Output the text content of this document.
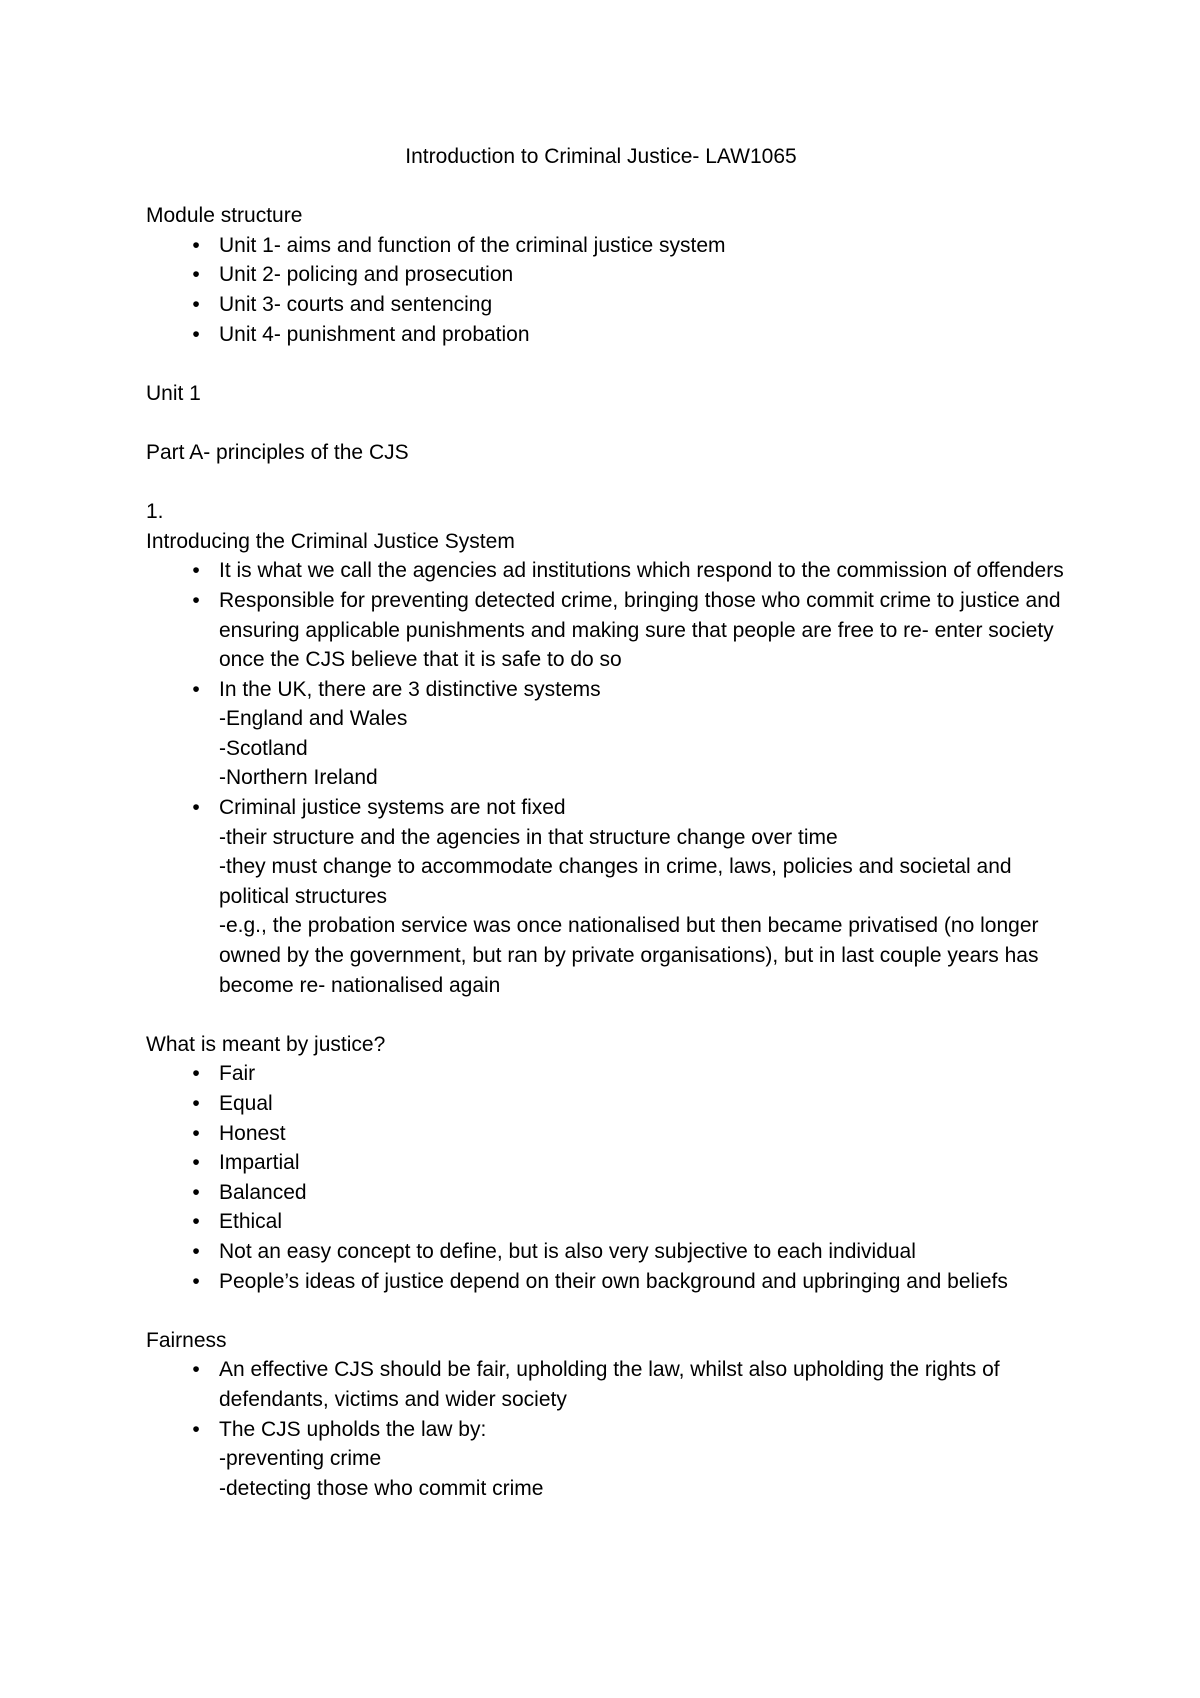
Introduction to Criminal Justice- LAW1065

Module structure

• Unit 1- aims and function of the criminal justice system
• Unit 2- policing and prosecution
• Unit 3- courts and sentencing
• Unit 4- punishment and probation

Unit 1

Part A- principles of the CJS

1.

Introducing the Criminal Justice System

• It is what we call the agencies ad institutions which respond to the commission of offenders
• Responsible for preventing detected crime, bringing those who commit crime to justice and ensuring applicable punishments and making sure that people are free to re- enter society once the CJS believe that it is safe to do so
• In the UK, there are 3 distinctive systems
-England and Wales
-Scotland
-Northern Ireland
• Criminal justice systems are not fixed
-their structure and the agencies in that structure change over time
-they must change to accommodate changes in crime, laws, policies and societal and political structures
-e.g., the probation service was once nationalised but then became privatised (no longer owned by the government, but ran by private organisations), but in last couple years has become re- nationalised again

What is meant by justice?

• Fair
• Equal
• Honest
• Impartial
• Balanced
• Ethical
• Not an easy concept to define, but is also very subjective to each individual
• People’s ideas of justice depend on their own background and upbringing and beliefs

Fairness

• An effective CJS should be fair, upholding the law, whilst also upholding the rights of defendants, victims and wider society
• The CJS upholds the law by:
-preventing crime
-detecting those who commit crime
